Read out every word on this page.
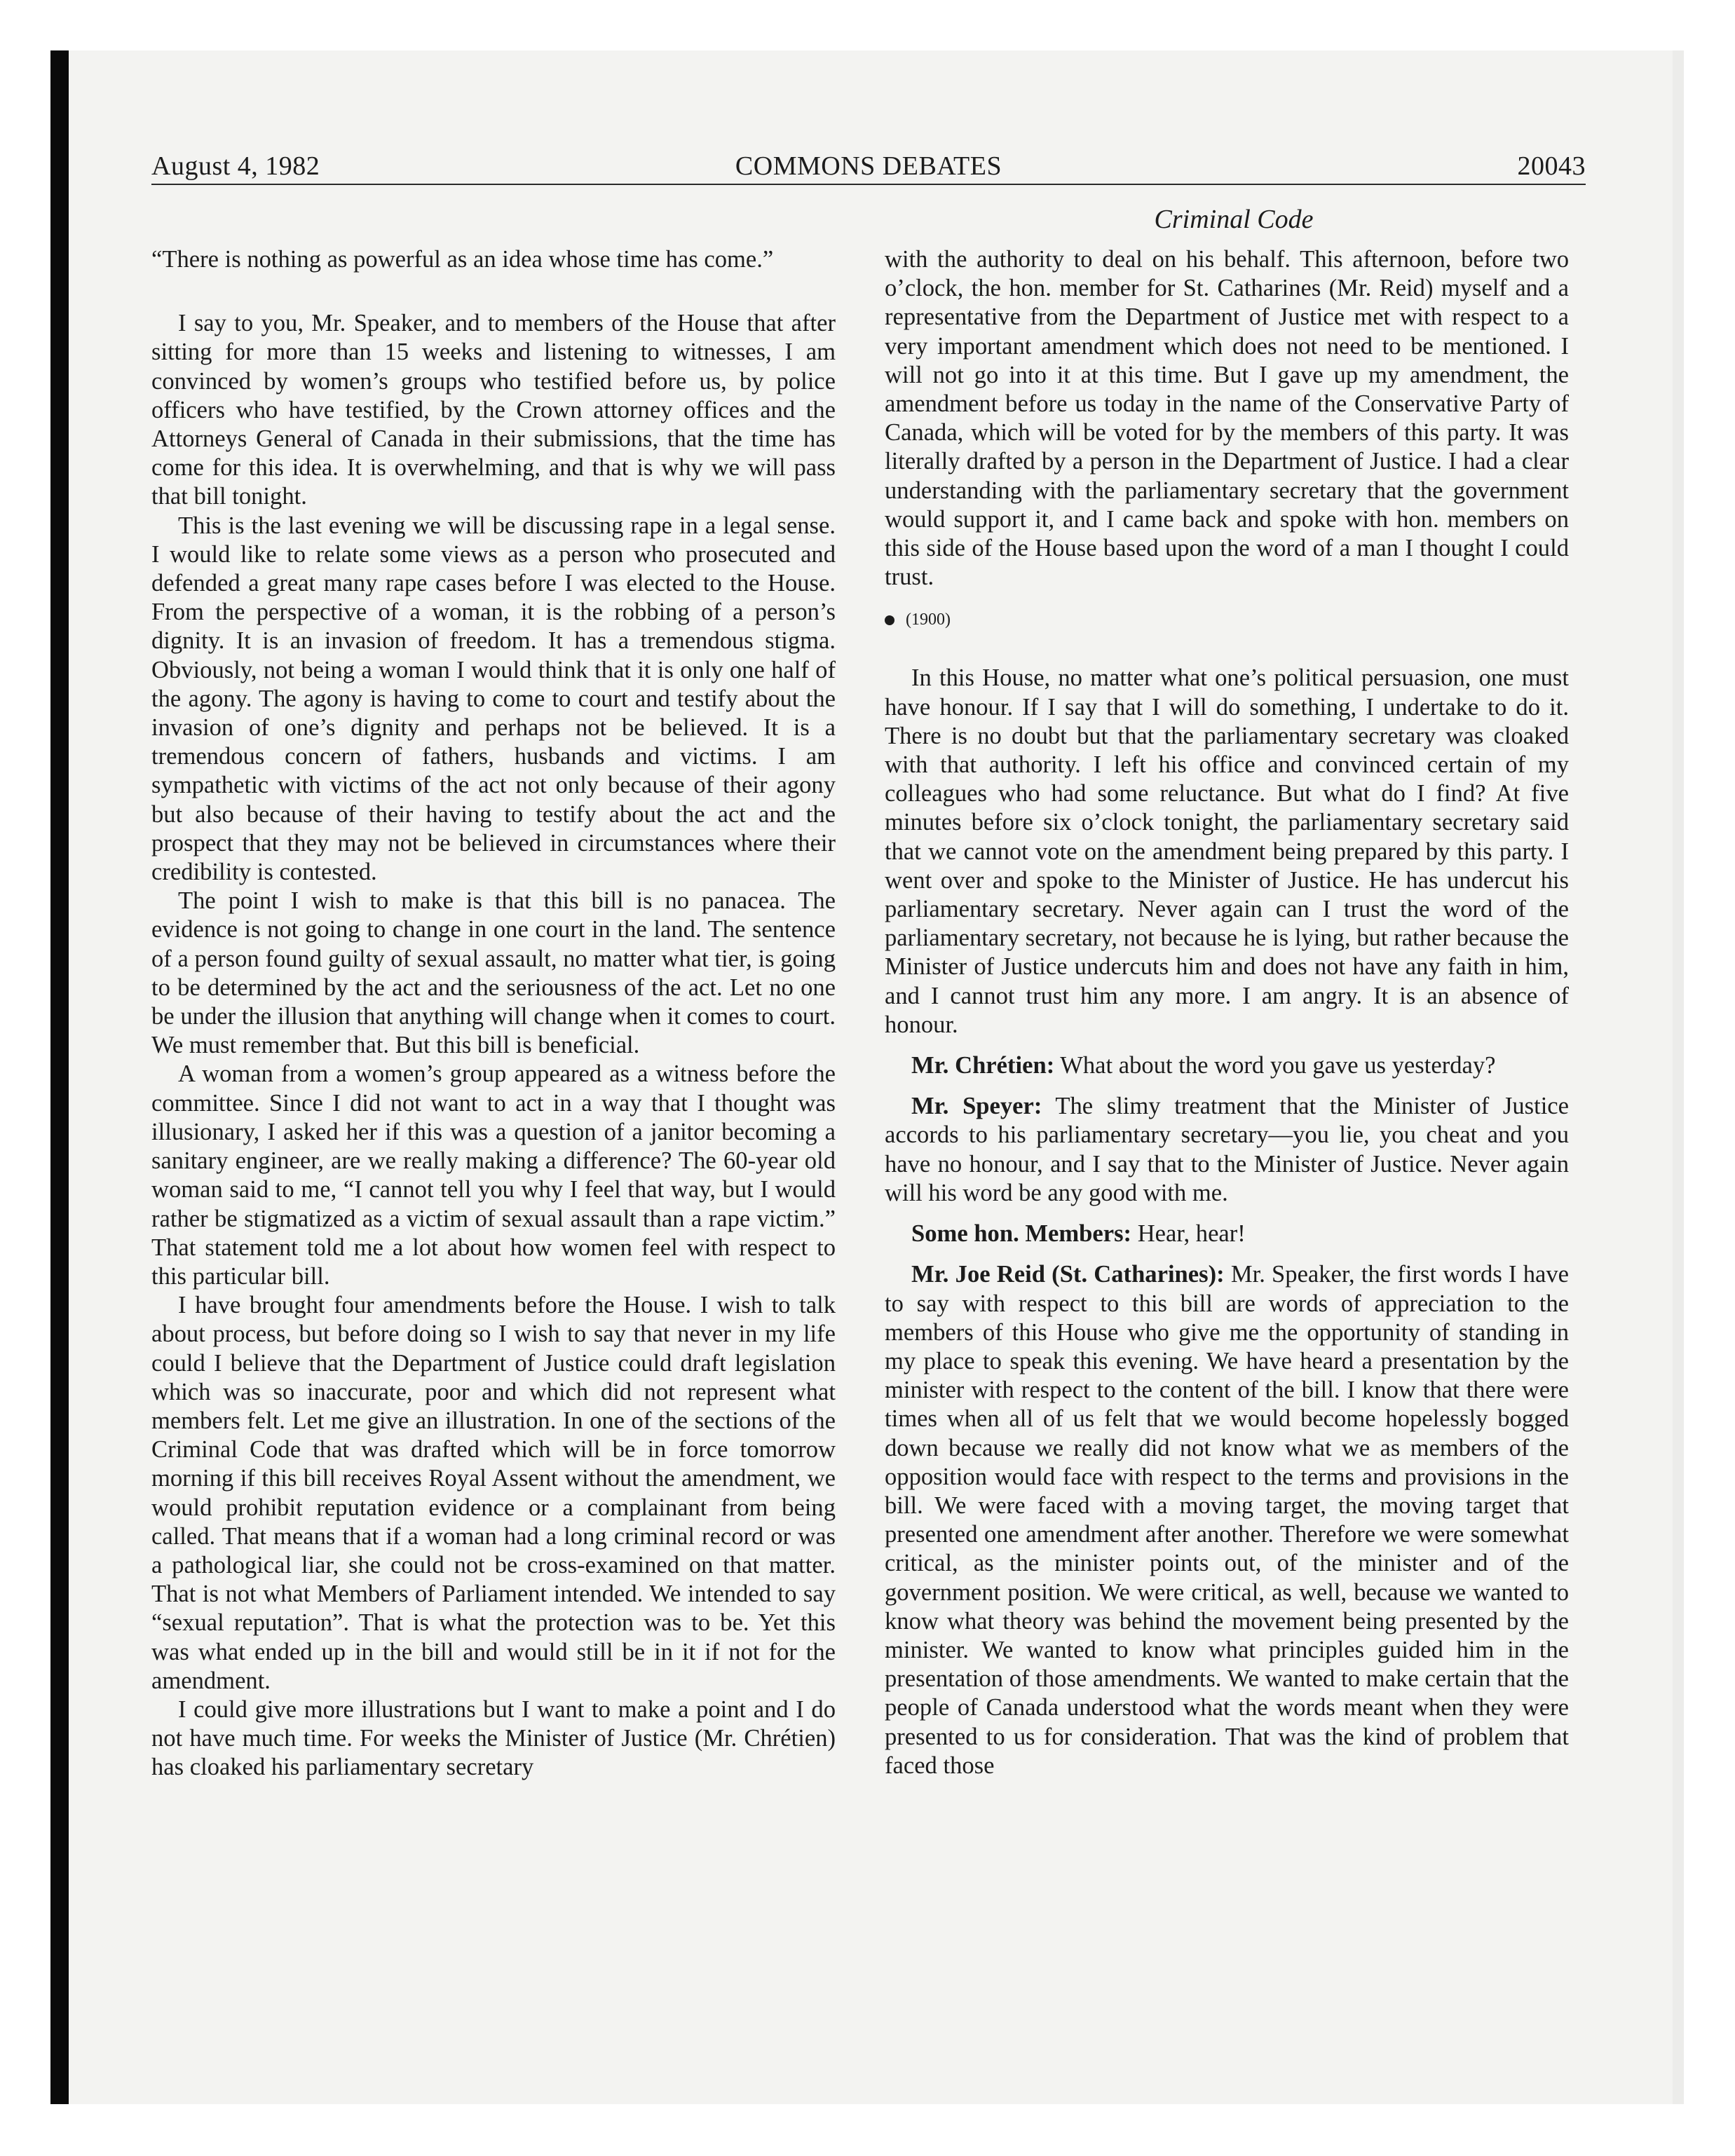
August 4, 1982	COMMONS DEBATES	20043
Criminal Code

“There is nothing as powerful as an idea whose time has come.”

I say to you, Mr. Speaker, and to members of the House that after sitting for more than 15 weeks and listening to witnesses, I am convinced by women’s groups who testified before us, by police officers who have testified, by the Crown attorney offices and the Attorneys General of Canada in their submissions, that the time has come for this idea. It is overwhelming, and that is why we will pass that bill tonight.

This is the last evening we will be discussing rape in a legal sense. I would like to relate some views as a person who prosecuted and defended a great many rape cases before I was elected to the House. From the perspective of a woman, it is the robbing of a person’s dignity. It is an invasion of freedom. It has a tremendous stigma. Obviously, not being a woman I would think that it is only one half of the agony. The agony is having to come to court and testify about the invasion of one’s dignity and perhaps not be believed. It is a tremendous concern of fathers, husbands and victims. I am sympathetic with victims of the act not only because of their agony but also because of their having to testify about the act and the prospect that they may not be believed in circumstances where their credibility is contested.

The point I wish to make is that this bill is no panacea. The evidence is not going to change in one court in the land. The sentence of a person found guilty of sexual assault, no matter what tier, is going to be determined by the act and the seriousness of the act. Let no one be under the illusion that anything will change when it comes to court. We must remember that. But this bill is beneficial.

A woman from a women’s group appeared as a witness before the committee. Since I did not want to act in a way that I thought was illusionary, I asked her if this was a question of a janitor becoming a sanitary engineer, are we really making a difference? The 60-year old woman said to me, “I cannot tell you why I feel that way, but I would rather be stigmatized as a victim of sexual assault than a rape victim.” That statement told me a lot about how women feel with respect to this particular bill.

I have brought four amendments before the House. I wish to talk about process, but before doing so I wish to say that never in my life could I believe that the Department of Justice could draft legislation which was so inaccurate, poor and which did not represent what members felt. Let me give an illustration. In one of the sections of the Criminal Code that was drafted which will be in force tomorrow morning if this bill receives Royal Assent without the amendment, we would prohibit reputation evidence or a complainant from being called. That means that if a woman had a long criminal record or was a pathological liar, she could not be cross-examined on that matter. That is not what Members of Parliament intended. We intended to say “sexual reputation”. That is what the protection was to be. Yet this was what ended up in the bill and would still be in it if not for the amendment.

I could give more illustrations but I want to make a point and I do not have much time. For weeks the Minister of Justice (Mr. Chrétien) has cloaked his parliamentary secretary

with the authority to deal on his behalf. This afternoon, before two o’clock, the hon. member for St. Catharines (Mr. Reid) myself and a representative from the Department of Justice met with respect to a very important amendment which does not need to be mentioned. I will not go into it at this time. But I gave up my amendment, the amendment before us today in the name of the Conservative Party of Canada, which will be voted for by the members of this party. It was literally drafted by a person in the Department of Justice. I had a clear understanding with the parliamentary secretary that the government would support it, and I came back and spoke with hon. members on this side of the House based upon the word of a man I thought I could trust.

(1900)

In this House, no matter what one’s political persuasion, one must have honour. If I say that I will do something, I undertake to do it. There is no doubt but that the parliamentary secretary was cloaked with that authority. I left his office and convinced certain of my colleagues who had some reluctance. But what do I find? At five minutes before six o’clock tonight, the parliamentary secretary said that we cannot vote on the amendment being prepared by this party. I went over and spoke to the Minister of Justice. He has undercut his parliamentary secretary. Never again can I trust the word of the parliamentary secretary, not because he is lying, but rather because the Minister of Justice undercuts him and does not have any faith in him, and I cannot trust him any more. I am angry. It is an absence of honour.

Mr. Chrétien: What about the word you gave us yesterday?

Mr. Speyer: The slimy treatment that the Minister of Justice accords to his parliamentary secretary—you lie, you cheat and you have no honour, and I say that to the Minister of Justice. Never again will his word be any good with me.

Some hon. Members: Hear, hear!

Mr. Joe Reid (St. Catharines): Mr. Speaker, the first words I have to say with respect to this bill are words of appreciation to the members of this House who give me the opportunity of standing in my place to speak this evening. We have heard a presentation by the minister with respect to the content of the bill. I know that there were times when all of us felt that we would become hopelessly bogged down because we really did not know what we as members of the opposition would face with respect to the terms and provisions in the bill. We were faced with a moving target, the moving target that presented one amendment after another. Therefore we were somewhat critical, as the minister points out, of the minister and of the government position. We were critical, as well, because we wanted to know what theory was behind the movement being presented by the minister. We wanted to know what principles guided him in the presentation of those amendments. We wanted to make certain that the people of Canada understood what the words meant when they were presented to us for consideration. That was the kind of problem that faced those
